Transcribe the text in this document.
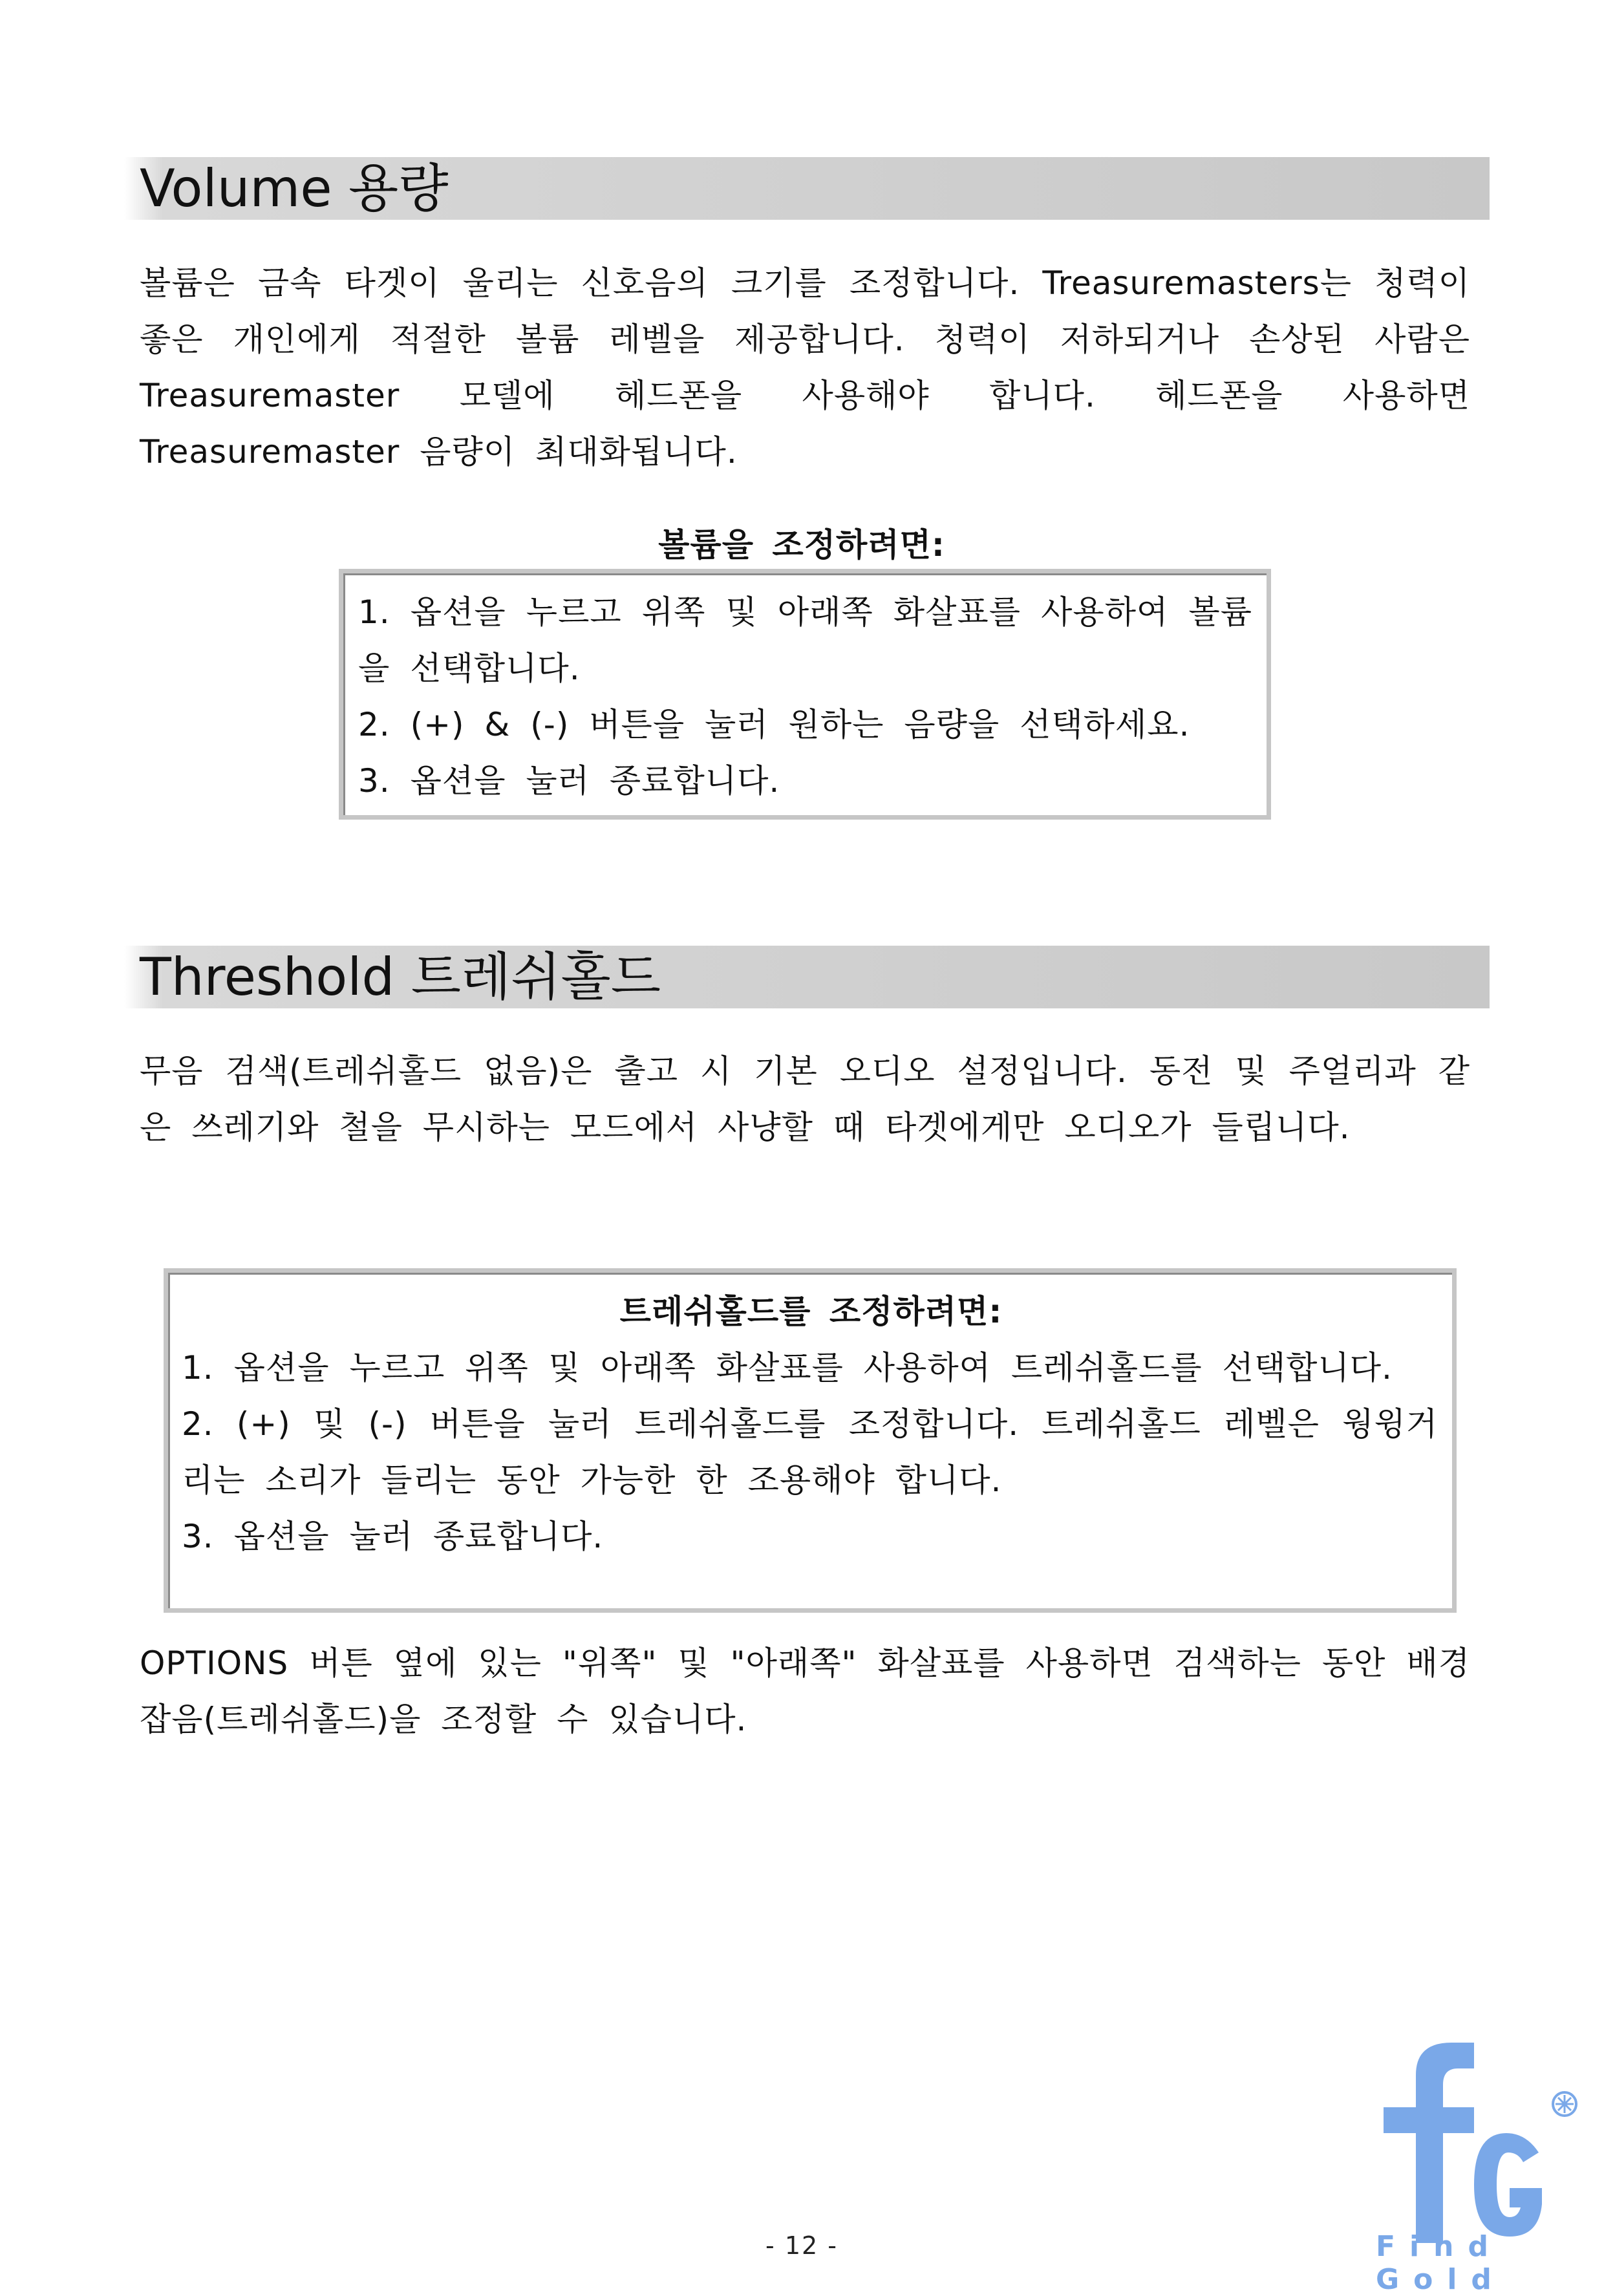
Volume 용량

볼륨은 금속 타겟이 울리는 신호음의 크기를 조정합니다. Treasuremasters는 청력이 좋은 개인에게 적절한 볼륨 레벨을 제공합니다. 청력이 저하되거나 손상된 사람은 Treasuremaster 모델에 헤드폰을 사용해야 합니다. 헤드폰을 사용하면 Treasuremaster 음량이 최대화됩니다.

볼륨을 조정하려면:

1. 옵션을 누르고 위쪽 및 아래쪽 화살표를 사용하여 볼륨을 선택합니다.

2. (+) & (-) 버튼을 눌러 원하는 음량을 선택하세요.

3. 옵션을 눌러 종료합니다.

Threshold 트레쉬홀드

무음 검색(트레쉬홀드 없음)은 출고 시 기본 오디오 설정입니다. 동전 및 주얼리과 같은 쓰레기와 철을 무시하는 모드에서 사냥할 때 타겟에게만 오디오가 들립니다.

트레쉬홀드를 조정하려면:

1. 옵션을 누르고 위쪽 및 아래쪽 화살표를 사용하여 트레쉬홀드를 선택합니다.

2. (+) 및 (-) 버튼을 눌러 트레쉬홀드를 조정합니다. 트레쉬홀드 레벨은 웡윙거리는 소리가 들리는 동안 가능한 한 조용해야 합니다.

3. 옵션을 눌러 종료합니다.

OPTIONS 버튼 옆에 있는 "위쪽" 및 "아래쪽" 화살표를 사용하면 검색하는 동안 배경 잡음(트레쉬홀드)을 조정할 수 있습니다.

- 12 -	Find Gold
